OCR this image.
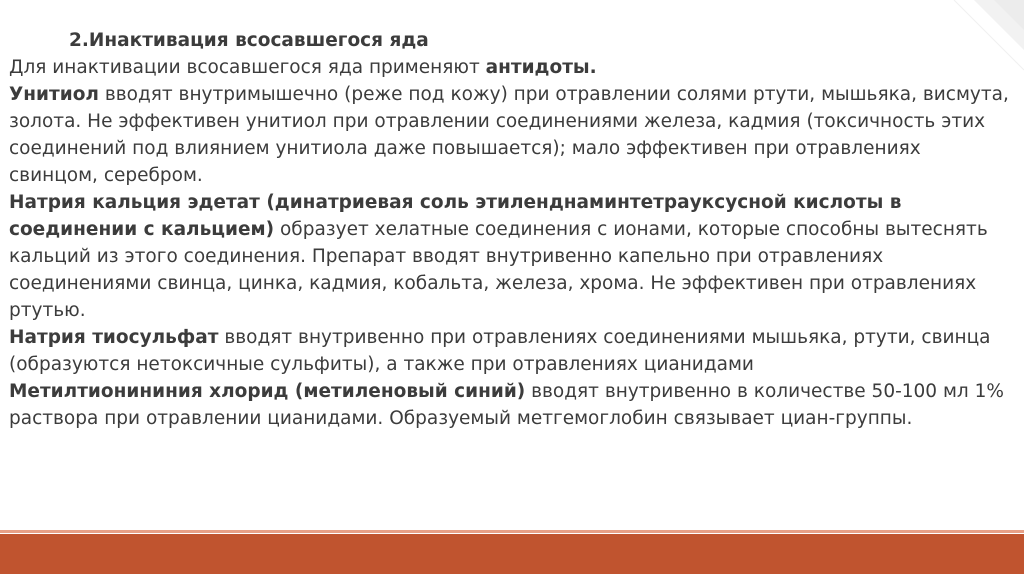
2.Инактивация всосавшегося яда

Для инактивации всосавшегося яда применяют антидоты.

Унитиол вводят внутримышечно (реже под кожу) при отравлении солями ртути, мышьяка, висмута, золота. Не эффективен унитиол при отравлении соединениями железа, кадмия (токсичность этих соединений под влиянием унитиола даже повышается); мало эффективен при отравлениях свинцом, серебром.

Натрия кальция эдетат (динатриевая соль этиленднаминтетрауксусной кислоты в соединении с кальцием) образует хелатные соединения с ионами, которые способны вытеснять кальций из этого соединения. Препарат вводят внутривенно капельно при отравлениях соединениями свинца, цинка, кадмия, кобальта, железа, хрома. Не эффективен при отравлениях ртутью.

Натрия тиосульфат вводят внутривенно при отравлениях соединениями мышьяка, ртути, свинца (образуются нетоксичные сульфиты), а также при отравлениях цианидами

Метилтионининия хлорид (метиленовый синий) вводят внутривенно в количестве 50-100 мл 1% раствора при отравлении цианидами. Образуемый метгемоглобин связывает циан-группы.
